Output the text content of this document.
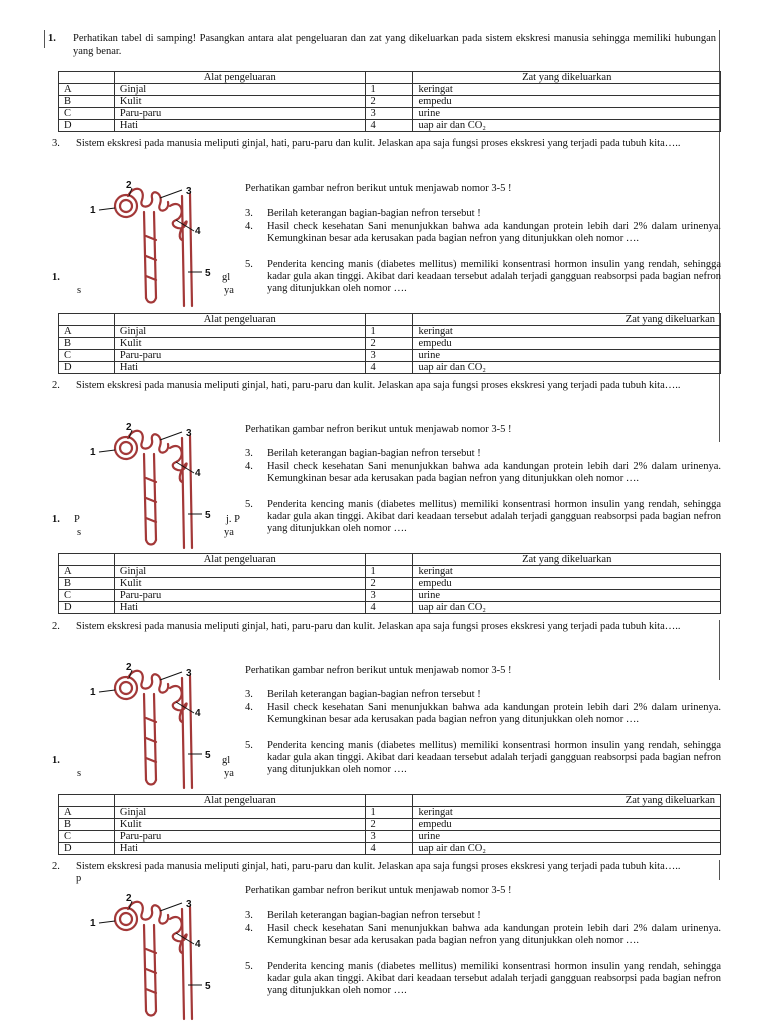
1. Perhatikan tabel di samping! Pasangkan antara alat pengeluaran dan zat yang dikeluarkan pada sistem ekskresi manusia sehingga memiliki hubungan yang benar.
	Alat pengeluaran		Zat yang dikeluarkan
A	Ginjal	1	keringat
B	Kulit	2	empedu
C	Paru-paru	3	urine
D	Hati	4	uap air dan CO₂
3. Sistem ekskresi pada manusia meliputi ginjal, hati, paru-paru dan kulit. Jelaskan apa saja fungsi proses ekskresi yang terjadi pada tubuh kita…..
1
2
3
4
5
Perhatikan gambar nefron berikut untuk menjawab nomor 3-5 !
3. Berilah keterangan bagian-bagian nefron tersebut !
4. Hasil check kesehatan Sani menunjukkan bahwa ada kandungan protein lebih dari 2% dalam urinenya. Kemungkinan besar ada kerusakan pada bagian nefron yang ditunjukkan oleh nomor ….
5. Penderita kencing manis (diabetes mellitus) memiliki konsentrasi hormon insulin yang rendah, sehingga kadar gula akan tinggi. Akibat dari keadaan tersebut adalah terjadi gangguan reabsorpsi pada bagian nefron yang ditunjukkan oleh nomor ….
1.
s
gl
ya
	Alat pengeluaran		Zat yang dikeluarkan
A	Ginjal	1	keringat
B	Kulit	2	empedu
C	Paru-paru	3	urine
D	Hati	4	uap air dan CO₂
2. Sistem ekskresi pada manusia meliputi ginjal, hati, paru-paru dan kulit. Jelaskan apa saja fungsi proses ekskresi yang terjadi pada tubuh kita…..
1
2
3
4
5
Perhatikan gambar nefron berikut untuk menjawab nomor 3-5 !
3. Berilah keterangan bagian-bagian nefron tersebut !
4. Hasil check kesehatan Sani menunjukkan bahwa ada kandungan protein lebih dari 2% dalam urinenya. Kemungkinan besar ada kerusakan pada bagian nefron yang ditunjukkan oleh nomor ….
5. Penderita kencing manis (diabetes mellitus) memiliki konsentrasi hormon insulin yang rendah, sehingga kadar gula akan tinggi. Akibat dari keadaan tersebut adalah terjadi gangguan reabsorpsi pada bagian nefron yang ditunjukkan oleh nomor ….
1. P
s
j. P
ya
	Alat pengeluaran		Zat yang dikeluarkan
A	Ginjal	1	keringat
B	Kulit	2	empedu
C	Paru-paru	3	urine
D	Hati	4	uap air dan CO₂
2. Sistem ekskresi pada manusia meliputi ginjal, hati, paru-paru dan kulit. Jelaskan apa saja fungsi proses ekskresi yang terjadi pada tubuh kita…..
1
2
3
4
5
Perhatikan gambar nefron berikut untuk menjawab nomor 3-5 !
3. Berilah keterangan bagian-bagian nefron tersebut !
4. Hasil check kesehatan Sani menunjukkan bahwa ada kandungan protein lebih dari 2% dalam urinenya. Kemungkinan besar ada kerusakan pada bagian nefron yang ditunjukkan oleh nomor ….
5. Penderita kencing manis (diabetes mellitus) memiliki konsentrasi hormon insulin yang rendah, sehingga kadar gula akan tinggi. Akibat dari keadaan tersebut adalah terjadi gangguan reabsorpsi pada bagian nefron yang ditunjukkan oleh nomor ….
1.
s
gl
ya
	Alat pengeluaran		Zat yang dikeluarkan
A	Ginjal	1	keringat
B	Kulit	2	empedu
C	Paru-paru	3	urine
D	Hati	4	uap air dan CO₂
2. Sistem ekskresi pada manusia meliputi ginjal, hati, paru-paru dan kulit. Jelaskan apa saja fungsi proses ekskresi yang terjadi pada tubuh kita…..
p
1
2
3
4
5
Perhatikan gambar nefron berikut untuk menjawab nomor 3-5 !
3. Berilah keterangan bagian-bagian nefron tersebut !
4. Hasil check kesehatan Sani menunjukkan bahwa ada kandungan protein lebih dari 2% dalam urinenya. Kemungkinan besar ada kerusakan pada bagian nefron yang ditunjukkan oleh nomor ….
5. Penderita kencing manis (diabetes mellitus) memiliki konsentrasi hormon insulin yang rendah, sehingga kadar gula akan tinggi. Akibat dari keadaan tersebut adalah terjadi gangguan reabsorpsi pada bagian nefron yang ditunjukkan oleh nomor ….
